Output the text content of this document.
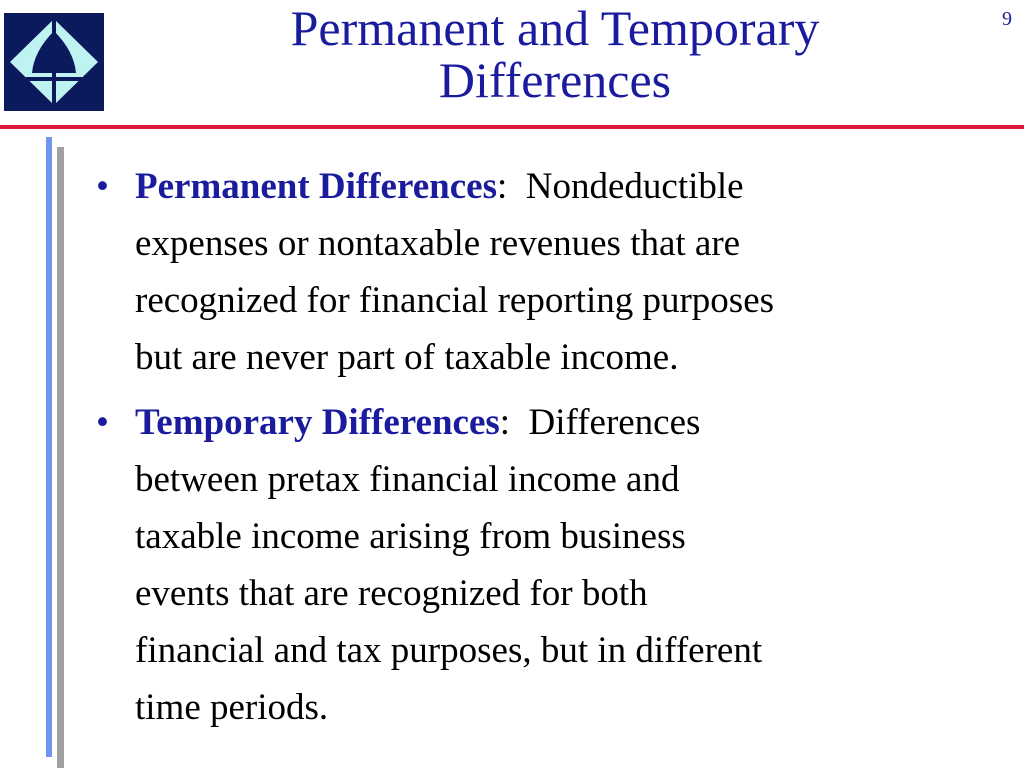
Permanent and Temporary
Differences
9
• Permanent Differences:  Nondeductible
expenses or nontaxable revenues that are
recognized for financial reporting purposes
but are never part of taxable income.
• Temporary Differences:  Differences
between pretax financial income and
taxable income arising from business
events that are recognized for both
financial and tax purposes, but in different
time periods.
